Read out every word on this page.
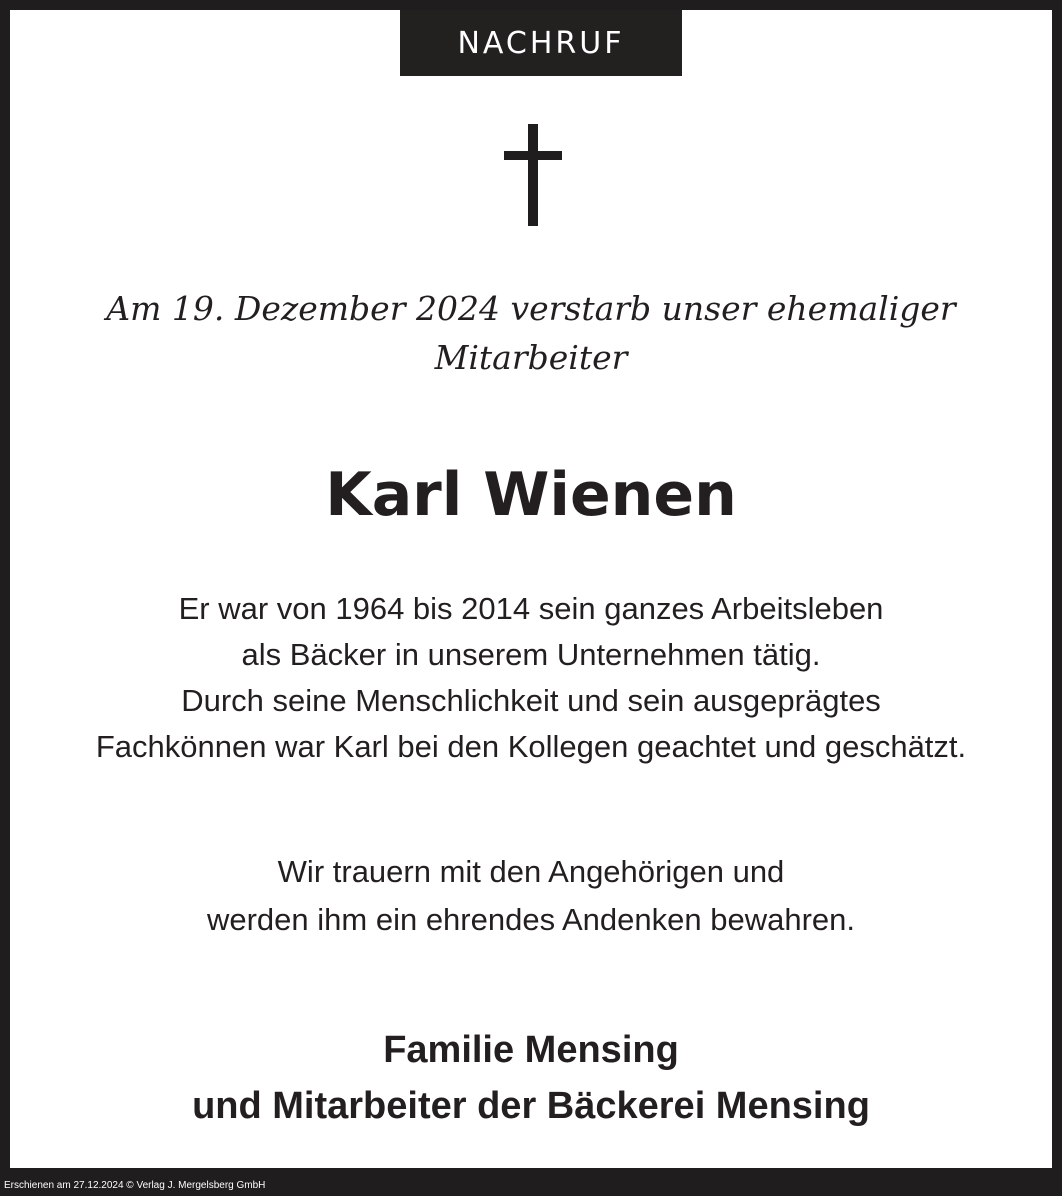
NACHRUF
Am 19. Dezember 2024 verstarb unser ehemaliger
Mitarbeiter
Karl Wienen
Er war von 1964 bis 2014 sein ganzes Arbeitsleben
als Bäcker in unserem Unternehmen tätig.
Durch seine Menschlichkeit und sein ausgeprägtes
Fachkönnen war Karl bei den Kollegen geachtet und geschätzt.
Wir trauern mit den Angehörigen und
werden ihm ein ehrendes Andenken bewahren.
Familie Mensing
und Mitarbeiter der Bäckerei Mensing
Erschienen am 27.12.2024 © Verlag J. Mergelsberg GmbH
